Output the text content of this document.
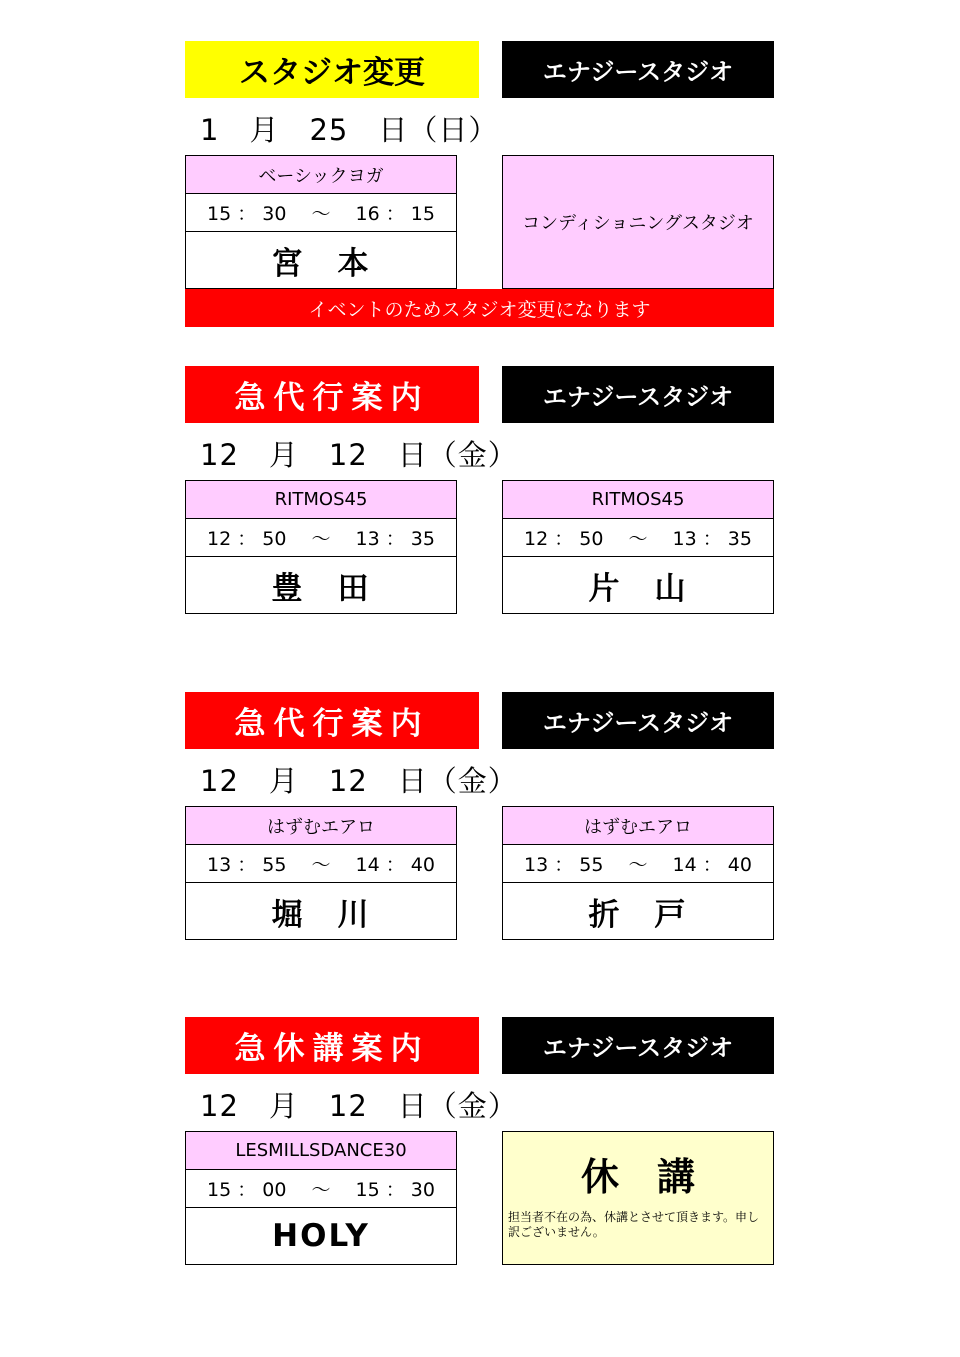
スタジオ変更	エナジースタジオ
1　月　25　日（日）
ベーシックヨガ
15 ： 30　 ～ 　16 ： 15
宮　本
コンディショニングスタジオ
イベントのためスタジオ変更になります
急代行案内	エナジースタジオ
12　月　12　日（金）
RITMOS45
12 ： 50　 ～ 　13 ： 35
豊　田
RITMOS45
12 ： 50　 ～ 　13 ： 35
片　山
急代行案内	エナジースタジオ
12　月　12　日（金）
はずむエアロ
13 ： 55　 ～ 　14 ： 40
堀　川
はずむエアロ
13 ： 55　 ～ 　14 ： 40
折　戸
急休講案内	エナジースタジオ
12　月　12　日（金）
LESMILLSDANCE30
15 ： 00　 ～ 　15 ： 30
HOLY
休　講
担当者不在の為、休講とさせて頂きます。申し訳ございません。
